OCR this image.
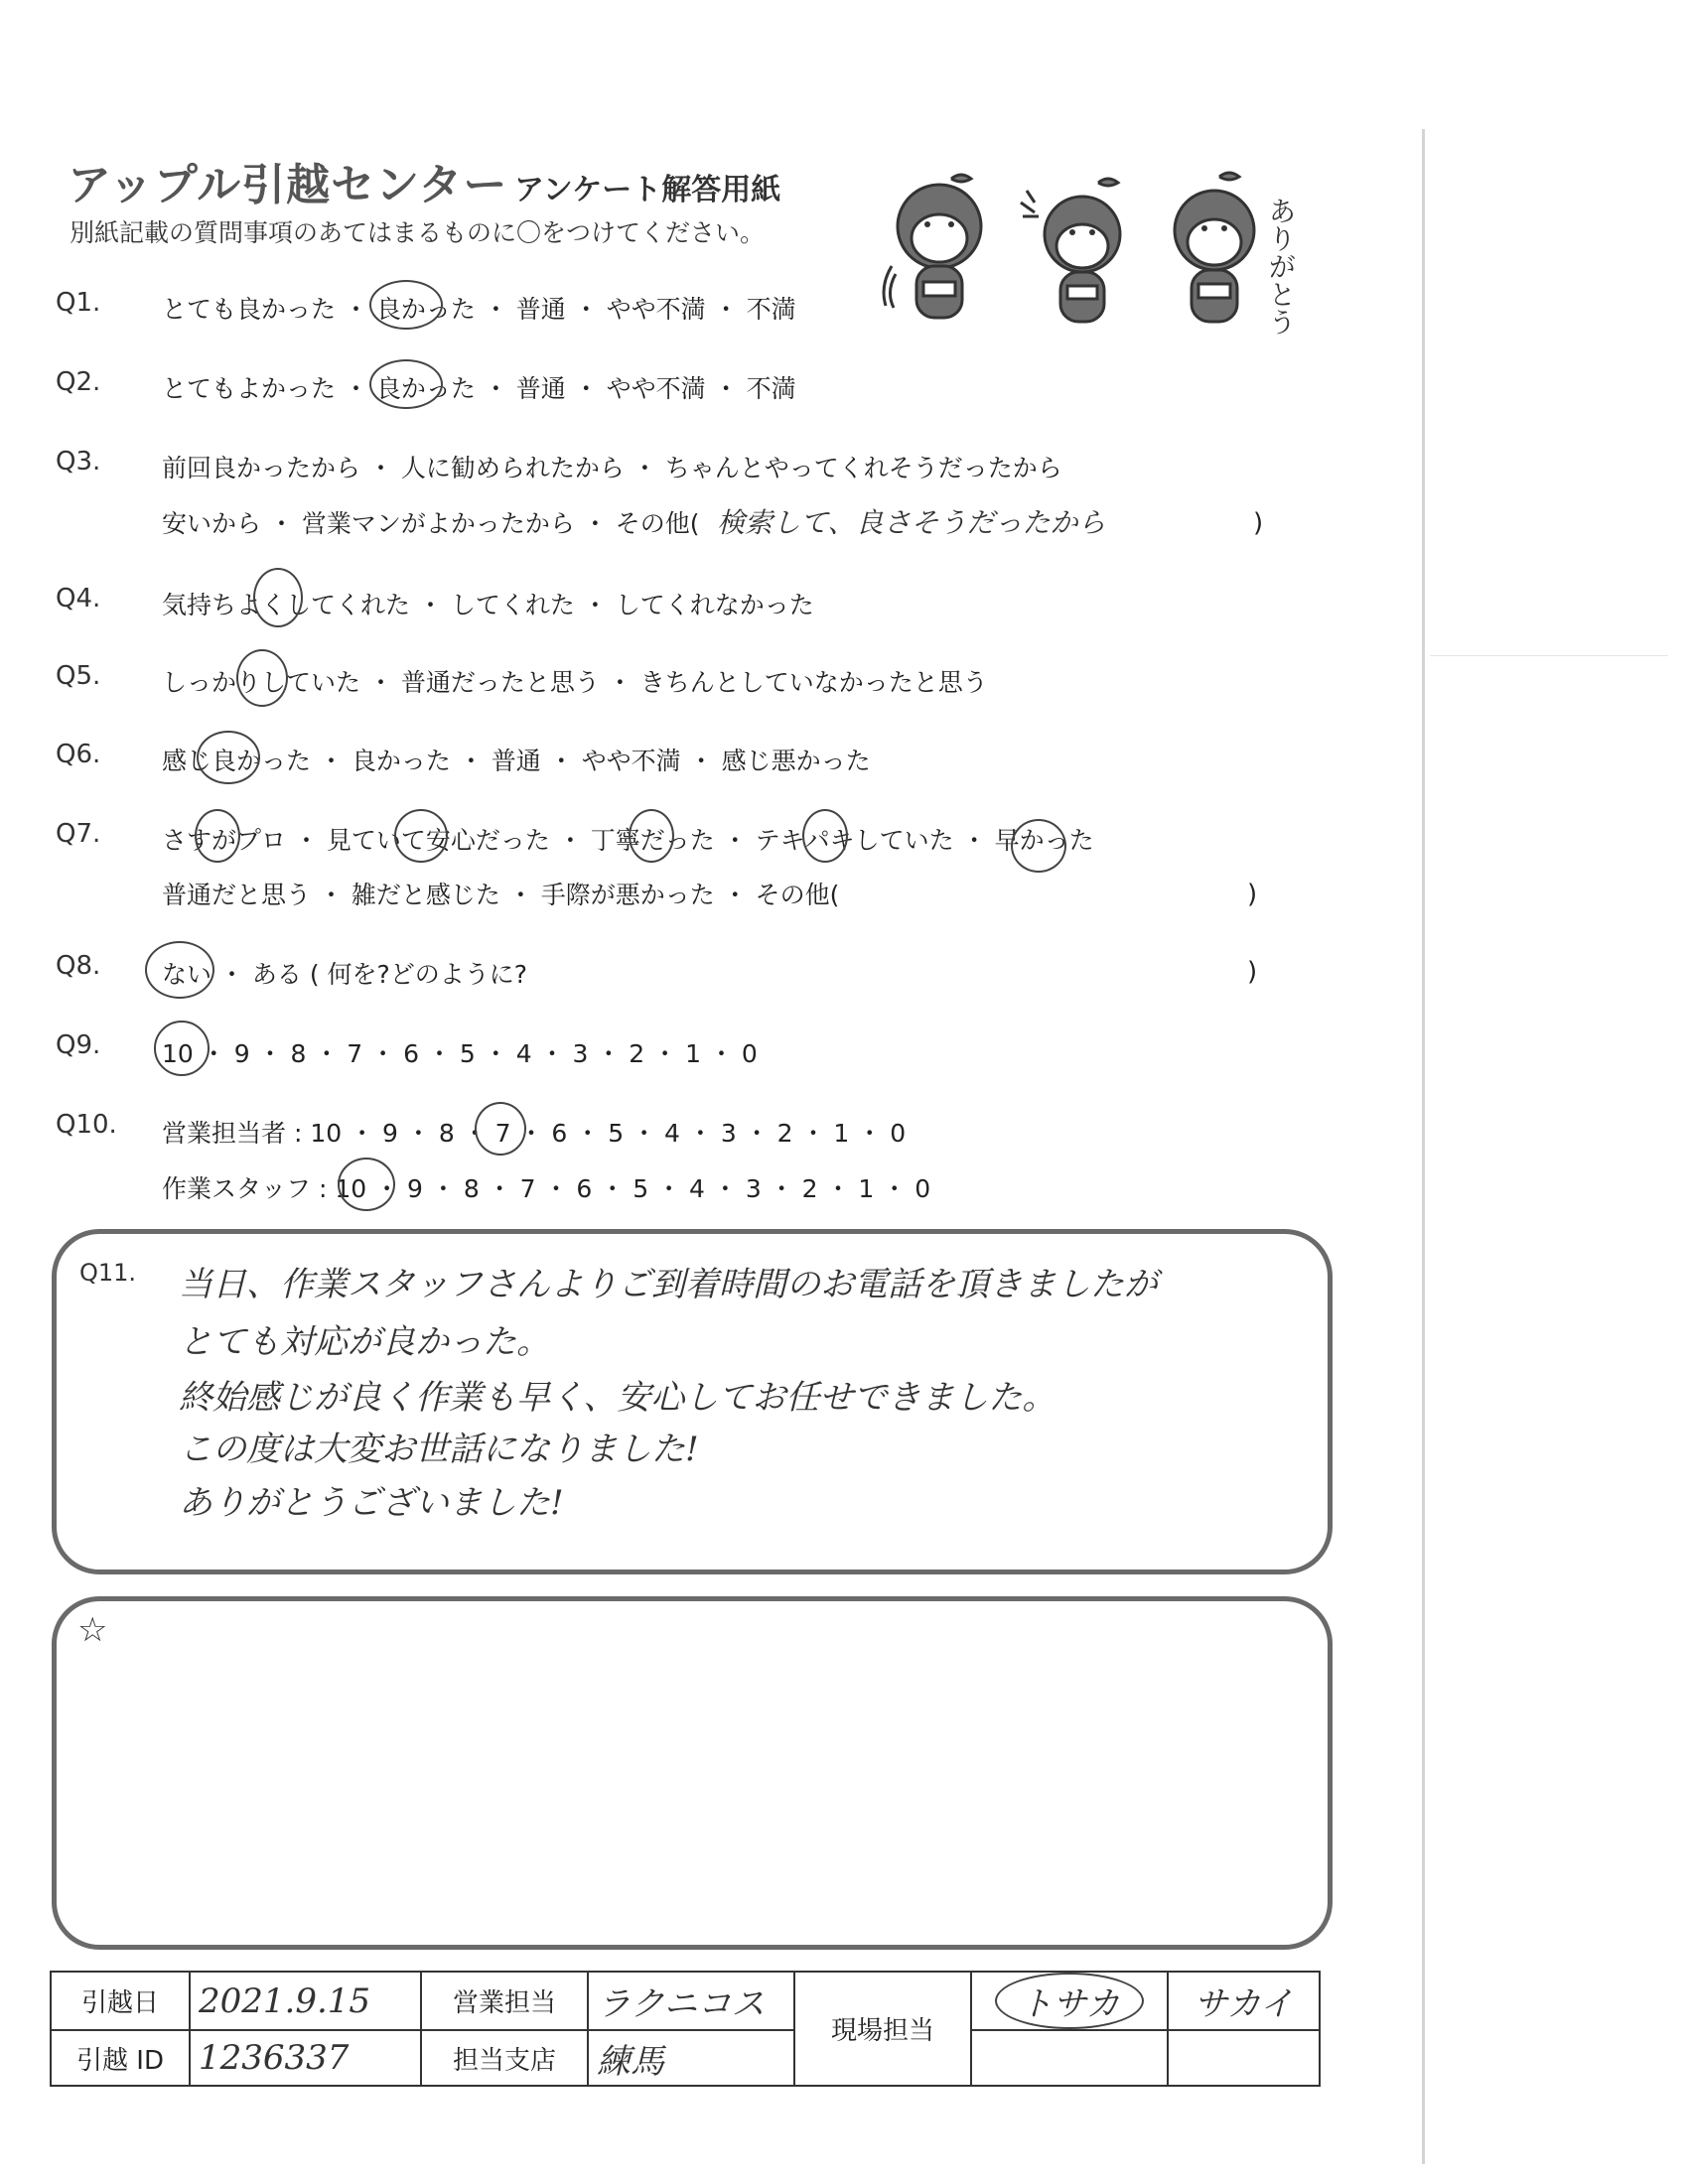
アップル引越センター アンケート解答用紙
別紙記載の質問事項のあてはまるものに〇をつけてください。	ありがとう
Q1. とても良かった ・ 良かった ・ 普通 ・ やや不満 ・ 不満
Q2. とてもよかった ・ 良かった ・ 普通 ・ やや不満 ・ 不満
Q3. 前回良かったから ・ 人に勧められたから ・ ちゃんとやってくれそうだったから
安いから ・ 営業マンがよかったから ・ その他( 検索して、良さそうだったから	)
Q4. 気持ちよくしてくれた ・ してくれた ・ してくれなかった
Q5. しっかりしていた ・ 普通だったと思う ・ きちんとしていなかったと思う
Q6. 感じ良かった ・ 良かった ・ 普通 ・ やや不満 ・ 感じ悪かった
Q7. さすがプロ ・ 見ていて安心だった ・ 丁寧だった ・ テキパキしていた ・ 早かった
普通だと思う ・ 雑だと感じた ・ 手際が悪かった ・ その他(	)
Q8. ない ・ ある ( 何を?どのように?	)
Q9. 10 ・ 9 ・ 8 ・ 7 ・ 6 ・ 5 ・ 4 ・ 3 ・ 2 ・ 1 ・ 0
Q10. 営業担当者 : 10 ・ 9 ・ 8 ・ 7 ・ 6 ・ 5 ・ 4 ・ 3 ・ 2 ・ 1 ・ 0
作業スタッフ : 10 ・ 9 ・ 8 ・ 7 ・ 6 ・ 5 ・ 4 ・ 3 ・ 2 ・ 1 ・ 0
Q11. 当日、作業スタッフさんよりご到着時間のお電話を頂きましたが
とても対応が良かった。
終始感じが良く作業も早く、安心してお任せできました。
この度は大変お世話になりました!
ありがとうございました!
☆
引越日	2021.9.15	営業担当	ラクニコス	現場担当	トサカ	サカイ
引越 ID	1236337	担当支店	練馬			
